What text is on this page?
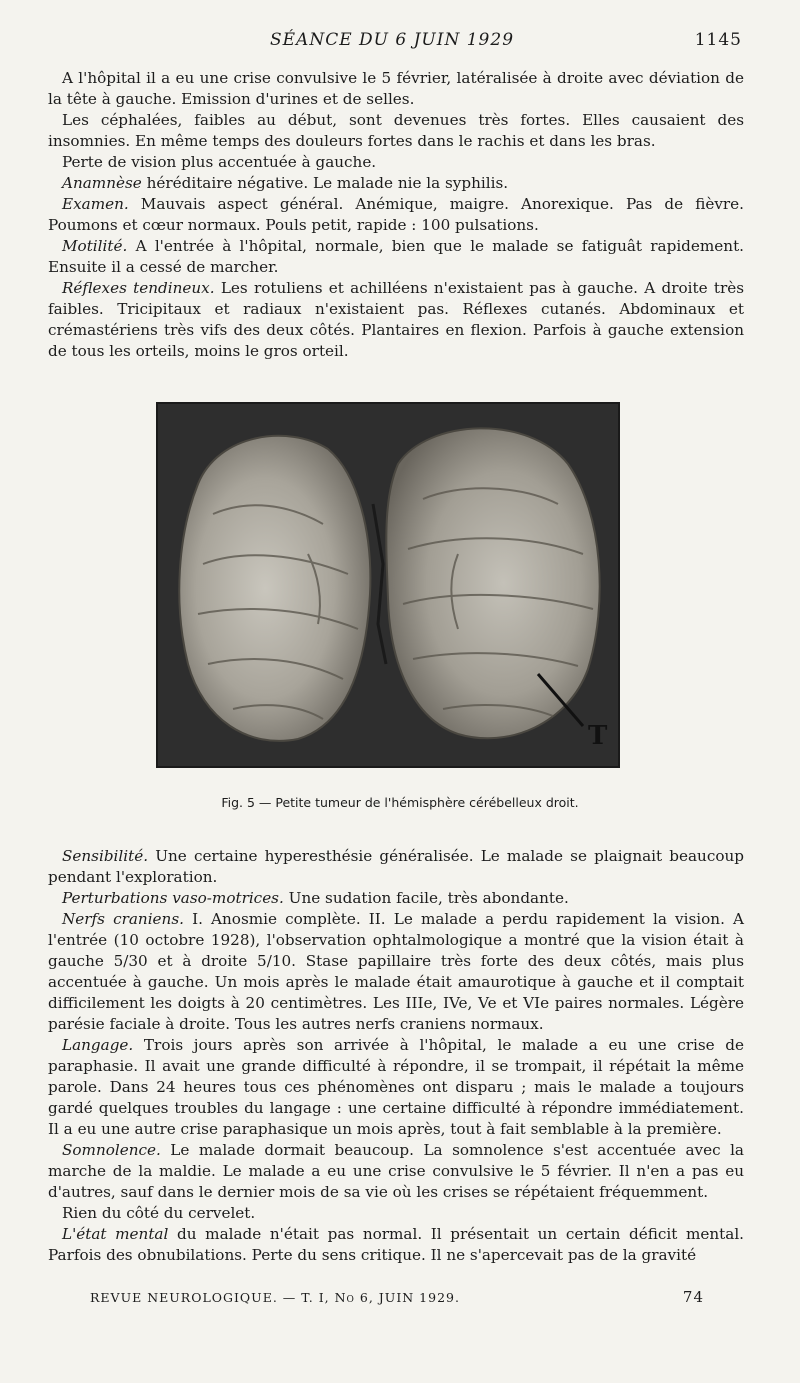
SÉANCE DU 6 JUIN 1929	1145

A l'hôpital il a eu une crise convulsive le 5 février, latéralisée à droite avec déviation de la tête à gauche. Emission d'urines et de selles.

Les céphalées, faibles au début, sont devenues très fortes. Elles causaient des insomnies. En même temps des douleurs fortes dans le rachis et dans les bras.

Perte de vision plus accentuée à gauche.

Anamnèse héréditaire négative. Le malade nie la syphilis.

Examen. Mauvais aspect général. Anémique, maigre. Anorexique. Pas de fièvre. Poumons et cœur normaux. Pouls petit, rapide : 100 pulsations.

Motilité. A l'entrée à l'hôpital, normale, bien que le malade se fatiguât rapidement. Ensuite il a cessé de marcher.

Réflexes tendineux. Les rotuliens et achilléens n'existaient pas à gauche. A droite très faibles. Tricipitaux et radiaux n'existaient pas. Réflexes cutanés. Abdominaux et crémastériens très vifs des deux côtés. Plantaires en flexion. Parfois à gauche extension de tous les orteils, moins le gros orteil.

T
Fig. 5 — Petite tumeur de l'hémisphère cérébelleux droit.

Sensibilité. Une certaine hyperesthésie généralisée. Le malade se plaignait beaucoup pendant l'exploration.

Perturbations vaso-motrices. Une sudation facile, très abondante.

Nerfs craniens. I. Anosmie complète. II. Le malade a perdu rapidement la vision. A l'entrée (10 octobre 1928), l'observation ophtalmologique a montré que la vision était à gauche 5/30 et à droite 5/10. Stase papillaire très forte des deux côtés, mais plus accentuée à gauche. Un mois après le malade était amaurotique à gauche et il comptait difficilement les doigts à 20 centimètres. Les IIIe, IVe, Ve et VIe paires normales. Légère parésie faciale à droite. Tous les autres nerfs craniens normaux.

Langage. Trois jours après son arrivée à l'hôpital, le malade a eu une crise de paraphasie. Il avait une grande difficulté à répondre, il se trompait, il répétait la même parole. Dans 24 heures tous ces phénomènes ont disparu ; mais le malade a toujours gardé quelques troubles du langage : une certaine difficulté à répondre immédiatement. Il a eu une autre crise paraphasique un mois après, tout à fait semblable à la première.

Somnolence. Le malade dormait beaucoup. La somnolence s'est accentuée avec la marche de la maldie. Le malade a eu une crise convulsive le 5 février. Il n'en a pas eu d'autres, sauf dans le dernier mois de sa vie où les crises se répétaient fréquemment.

Rien du côté du cervelet.

L'état mental du malade n'était pas normal. Il présentait un certain déficit mental. Parfois des obnubilations. Perte du sens critique. Il ne s'apercevait pas de la gravité

REVUE NEUROLOGIQUE. — T. I, No 6, JUIN 1929.	74
